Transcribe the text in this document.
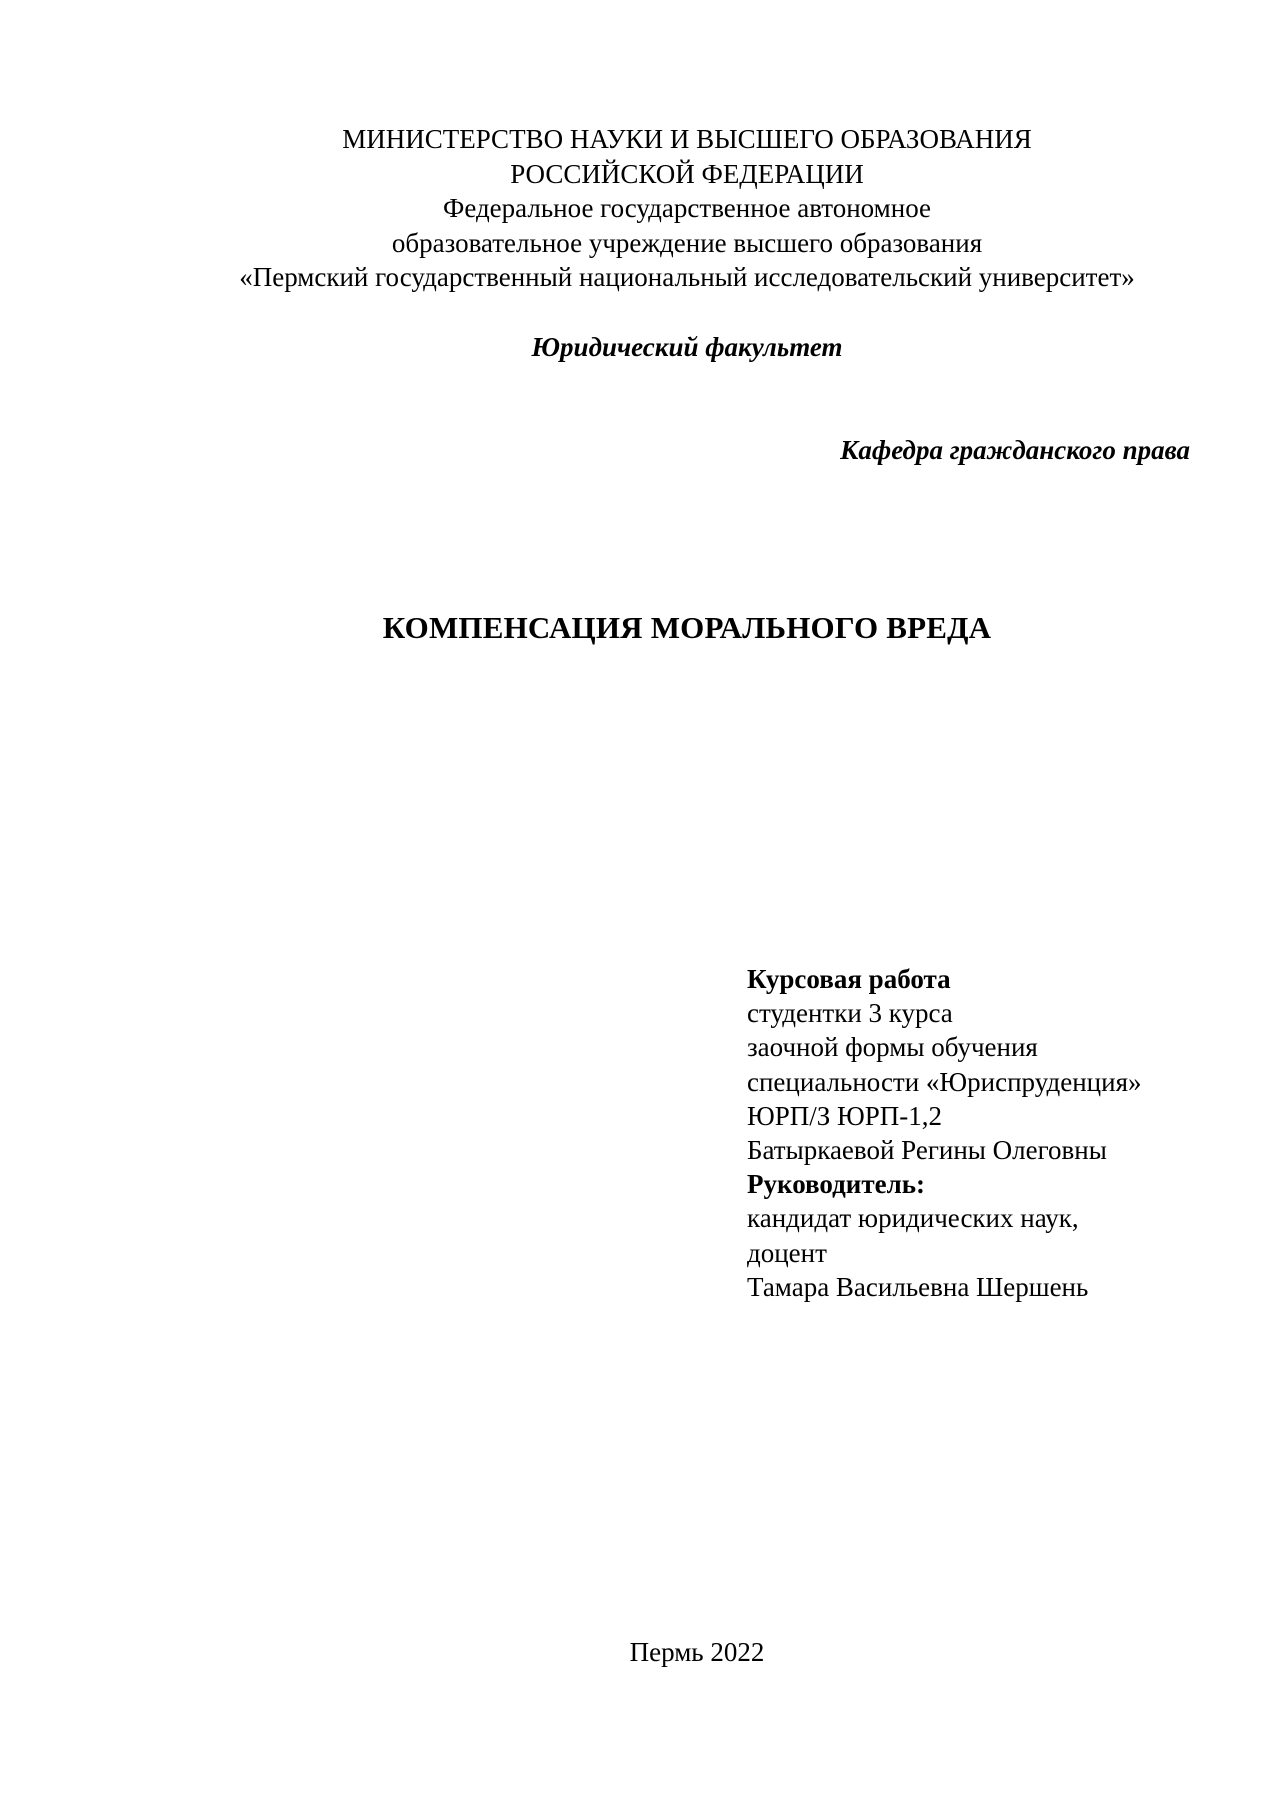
МИНИСТЕРСТВО НАУКИ И ВЫСШЕГО ОБРАЗОВАНИЯ
РОССИЙСКОЙ ФЕДЕРАЦИИ
Федеральное государственное автономное
образовательное учреждение высшего образования
«Пермский государственный национальный исследовательский университет»
Юридический факультет
Кафедра гражданского права
КОМПЕНСАЦИЯ МОРАЛЬНОГО ВРЕДА
Курсовая работа
студентки 3 курса
заочной формы обучения
специальности «Юриспруденция»
ЮРП/З ЮРП-1,2
Батыркаевой Регины Олеговны
Руководитель:
кандидат юридических наук,
доцент
Тамара Васильевна Шершень
Пермь 2022
